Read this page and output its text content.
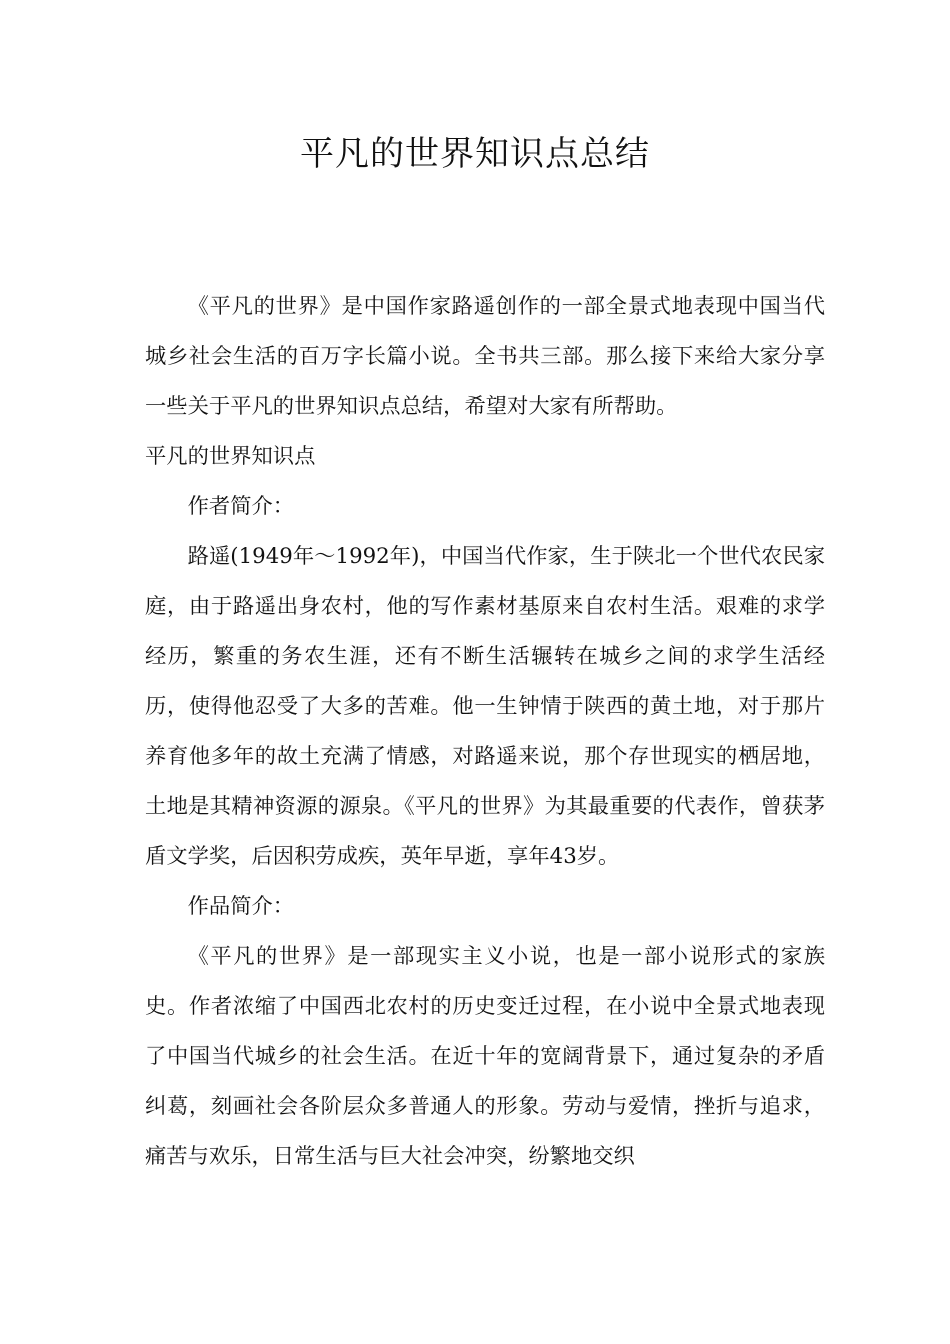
平凡的世界知识点总结

《平凡的世界》是中国作家路遥创作的一部全景式地表现中国当代城乡社会生活的百万字长篇小说。全书共三部。那么接下来给大家分享一些关于平凡的世界知识点总结，希望对大家有所帮助。

平凡的世界知识点

作者简介：

路遥(1949年～1992年)，中国当代作家，生于陕北一个世代农民家庭，由于路遥出身农村，他的写作素材基原来自农村生活。艰难的求学经历，繁重的务农生涯，还有不断生活辗转在城乡之间的求学生活经历，使得他忍受了大多的苦难。他一生钟情于陕西的黄土地，对于那片养育他多年的故土充满了情感，对路遥来说，那个存世现实的栖居地，土地是其精神资源的源泉。《平凡的世界》为其最重要的代表作，曾获茅盾文学奖，后因积劳成疾，英年早逝，享年43岁。

作品简介：

《平凡的世界》是一部现实主义小说，也是一部小说形式的家族史。作者浓缩了中国西北农村的历史变迁过程，在小说中全景式地表现了中国当代城乡的社会生活。在近十年的宽阔背景下，通过复杂的矛盾纠葛，刻画社会各阶层众多普通人的形象。劳动与爱情，挫折与追求，痛苦与欢乐，日常生活与巨大社会冲突，纷繁地交织
